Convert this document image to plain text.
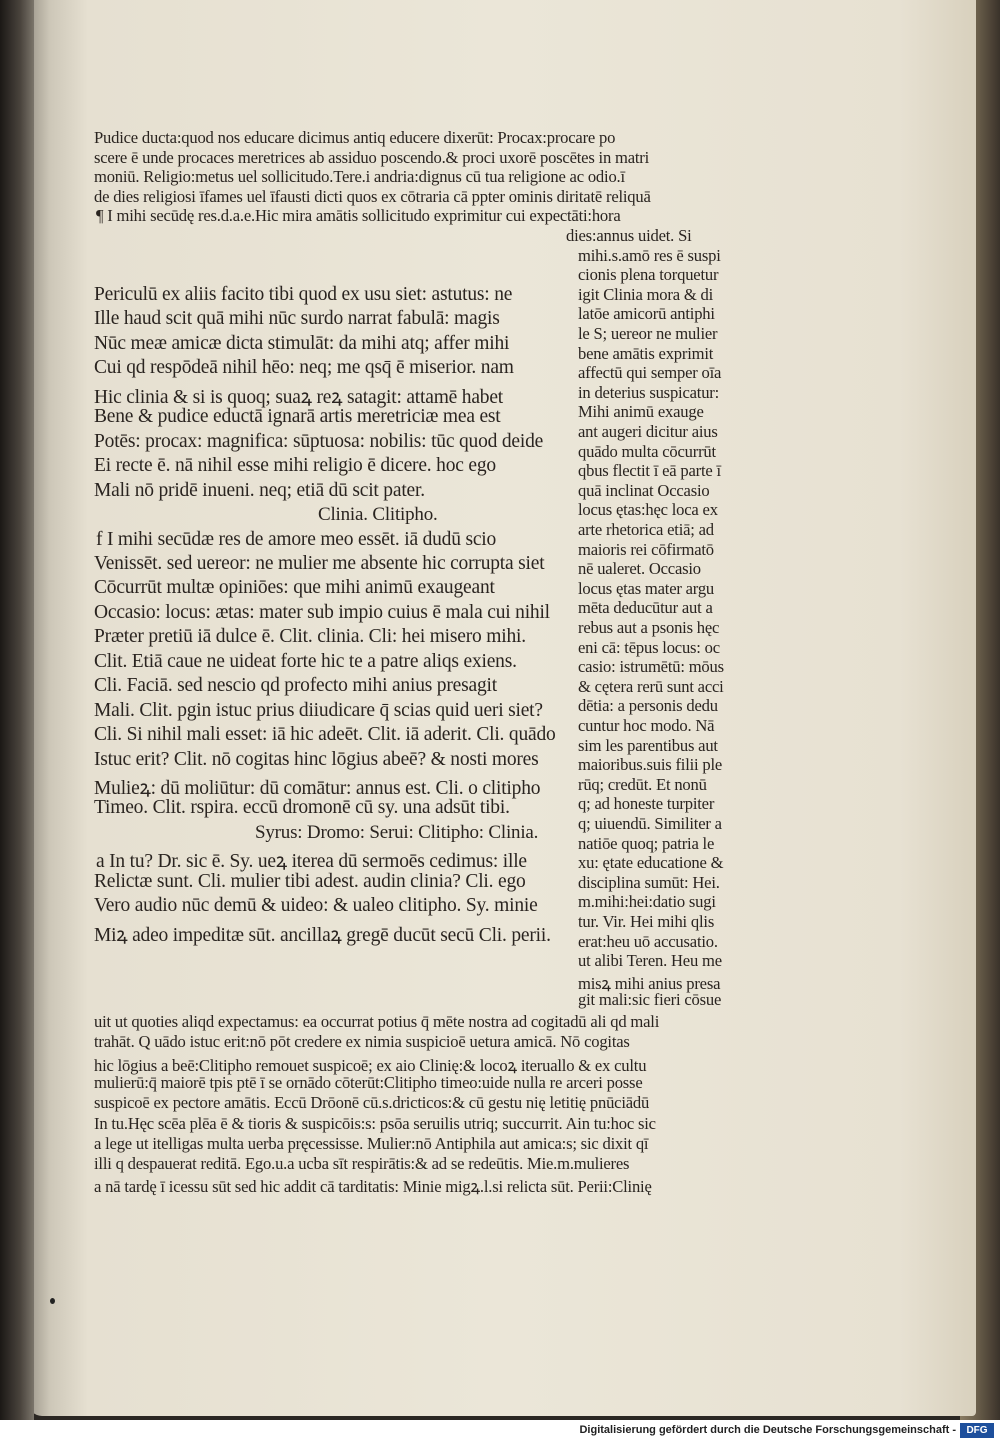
Pudice ducta:quod nos educare dicimus antiq educere dixerūt: Procax:procare po
scere ē unde procaces meretrices ab assiduo poscendo.& proci uxorē poscētes in matri
moniū. Religio:metus uel sollicitudo.Tere.i andria:dignus cū tua religione ac odio.ī
de dies religiosi īfames uel īfausti dicti quos ex cōtraria cā ppter ominis diritatē reliquā
¶ I mihi secūdę res.d.a.e.Hic mira amātis sollicitudo exprimitur cui expectāti:hora
dies:annus uidet. Si
mihi.s.amō res ē suspi
cionis plena torquetur
igit Clinia mora & di
latōe amicorū antiphi
le S; uereor ne mulier
bene amātis exprimit
affectū qui semper oīa
in deterius suspicatur:
Mihi animū exauge
ant augeri dicitur aius
quādo multa cōcurrūt
qbus flectit ī eā parte ī
quā inclinat Occasio
locus ętas:hęc loca ex
arte rhetorica etiā; ad
maioris rei cōfirmatō
nē ualeret. Occasio
locus ętas mater argu
mēta deducūtur aut a
rebus aut a psonis hęc
eni cā: tēpus locus: oc
casio: istrumētū: mōus
& cętera rerū sunt acci
dētia: a personis dedu
cuntur hoc modo. Nā
sim les parentibus aut
maioribus.suis filii ple
rūq; credūt. Et nonū
q; ad honeste turpiter
q; uiuendū. Similiter a
natiōe quoq; patria le
xu: ętate educatione &
disciplina sumūt: Hei.
m.mihi:hei:datio sugi
tur. Vir. Hei mihi qlis
erat:heu uō accusatio.
ut alibi Teren. Heu me
misꝝ mihi anius presa
git mali:sic fieri cōsue
Periculū ex aliis facito tibi quod ex usu siet: astutus: ne
Ille haud scit quā mihi nūc surdo narrat fabulā: magis
Nūc meæ amicæ dicta stimulāt: da mihi atq; affer mihi
Cui qd respōdeā nihil hēo: neq; me qsq̄ ē miserior. nam
Hic clinia & si is quoq; suaꝝ reꝝ satagit: attamē habet
Bene & pudice eductā ignarā artis meretriciæ mea est
Potēs: procax: magnifica: sūptuosa: nobilis: tūc quod deide
Ei recte ē. nā nihil esse mihi religio ē dicere. hoc ego
Mali nō pridē inueni. neq; etiā dū scit pater.
Clinia. Clitipho.
f I mihi secūdæ res de amore meo essēt. iā dudū scio
Venissēt. sed uereor: ne mulier me absente hic corrupta siet
Cōcurrūt multæ opiniōes: que mihi animū exaugeant
Occasio: locus: ætas: mater sub impio cuius ē mala cui nihil
Præter pretiū iā dulce ē. Clit. clinia. Cli: hei misero mihi.
Clit. Etiā caue ne uideat forte hic te a patre aliqs exiens.
Cli. Faciā. sed nescio qd profecto mihi anius presagit
Mali. Clit. pgin istuc prius diiudicare q̄ scias quid ueri siet?
Cli. Si nihil mali esset: iā hic adeēt. Clit. iā aderit. Cli. quādo
Istuc erit? Clit. nō cogitas hinc lōgius abeē? & nosti mores
Mulieꝝ: dū moliūtur: dū comātur: annus est. Cli. o clitipho
Timeo. Clit. rspira. eccū dromonē cū sy. una adsūt tibi.
Syrus: Dromo: Serui: Clitipho: Clinia.
a In tu? Dr. sic ē. Sy. ueꝝ iterea dū sermoēs cedimus: ille
Relictæ sunt. Cli. mulier tibi adest. audin clinia? Cli. ego
Vero audio nūc demū & uideo: & ualeo clitipho. Sy. minie
Miꝝ adeo impeditæ sūt. ancillaꝝ gregē ducūt secū Cli. perii.
uit ut quoties aliqd expectamus: ea occurrat potius q̄ mēte nostra ad cogitadū ali qd mali
trahāt. Q uādo istuc erit:nō pōt credere ex nimia suspicioē uetura amicā. Nō cogitas
hic lōgius a beē:Clitipho remouet suspicoē; ex aio Clinię:& locoꝝ iteruallo & ex cultu
mulierū:q̄ maiorē tpis ptē ī se ornādo cōterūt:Clitipho timeo:uide nulla re arceri posse
suspicoē ex pectore amātis. Eccū Drōonē cū.s.dricticos:& cū gestu nię letitię pnūciādū
In tu.Hęc scēa plēa ē & tioris & suspicōis:s: psōa seruilis utriq; succurrit. Ain tu:hoc sic
a lege ut itelligas multa uerba pręcessisse. Mulier:nō Antiphila aut amica:s; sic dixit qī
illi q despauerat reditā. Ego.u.a ucba sīt respirātis:& ad se redeūtis. Mie.m.mulieres
a nā tardę ī icessu sūt sed hic addit cā tarditatis: Minie migꝝ.l.si relicta sūt. Perii:Clinię
Digitalisierung gefördert durch die Deutsche Forschungsgemeinschaft -	DFG
